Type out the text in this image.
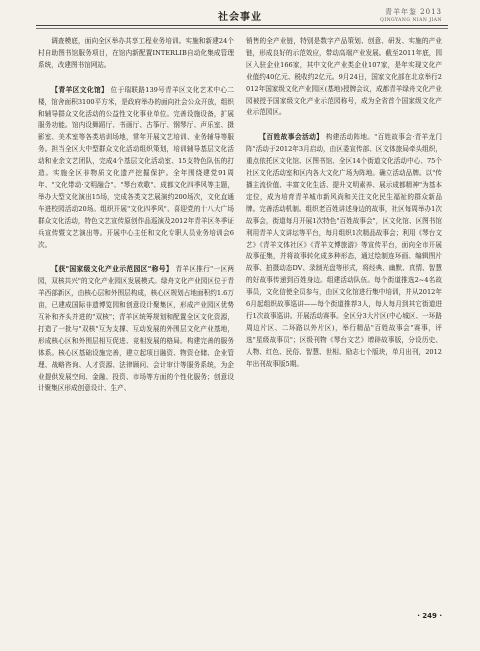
社会事业	青羊年鉴 2013
QINGYANG NIAN JIAN

调查模底，面向全区举办共享工程业务培训。实施和新建24个村自助图书馆服务项目，在馆内新配置INTERLIB自动化集成管理系统，改建图书馆网站。

【青羊区文化馆】 位于瑞联路139号青羊区文化艺术中心二楼，馆舍面积3100平方米，是政府举办的面向社会公众开放，组织和辅导群众文化活动的公益性文化事业单位。完善设施设备，扩展服务功能。馆内设舞蹈厅、书画厅、古筝厅、钢琴厅、声乐室、摄影室、美术室等各类培训场地，常年开展文艺培训、业务辅导等服务。担当全区大中型群众文化活动组织策划，培训辅导基层文化活动和业余文艺团队，完成4个基层文化活动室、15支特色队伍的打造。实施全区非物质文化遗产挖掘保护。全年围绕建党91周年、"文化带动·文明融合"、"琴台欢歌"、成都文化四季风等主题，举办大型文化演出15场，完成各类文艺展演约200场次，文化直通车进校园活动20场。组织开展"文化四季风"、喜迎党的十八大广场群众文化活动，特色文艺宣传原创作品巡演及2012年青羊区冬季证兵宣传暨文艺演出等。开展中心主任和文化专职人员业务培训会6次。

【获"国家级文化产业示范园区"称号】 青羊区推行"一区两园，双核共兴"的文化产业园区发展模式。绿舟文化产业园区位于青羊西部新区，由核心层和外围层构成，核心区规划占地面积约1.6万亩，已建成国际非遗博览园和创意设计聚集区，形成产业园区优势互补和齐头并进的"双核"；青羊区统筹规划和配置全区文化资源，打造了一批与"双核"互为支撑、互动发展的外围层文化产业基地，形成核心区和外围层相互促进、竞相发展的格局。构建完善的服务体系。核心区基础设施完善，建立起项目融资、物资仓储、企业管理、战略咨询、人才资源、法律顾问、会计审计等服务系统，为企业提供发展空间、金融、投资、市场等方面的个性化服务；创意设计聚集区形成创意设计、生产、

销售的全产业链，特别是数字产品策划、创意、研发、实施的产业链，形成良好的示范效应，带动高端产业发展。截至2011年底，园区入驻企业166家，其中文化产业类企业107家，是年实现文化产业值约40亿元、税收约2亿元。9月24日，国家文化部在北京举行2012年国家级文化产业园区(基地)授牌会议，成都青羊绿舟文化产业园被授予国家级文化产业示范园称号，成为全省首个国家级文化产业示范园区。

【百姓故事会活动】 构建活动阵地。"百姓故事会·青羊龙门阵"活动于2012年3月启动，由区委宣传部、区文体旅局牵头组织，重点依托区文化馆、区图书馆、全区14个街道文化活动中心、75个社区文化活动室和区内各大文化广场为阵地。确立活动品牌。以"传播主流价值、丰富文化生活、提升文明素养、展示成都精神"为基本定位，成为培育青羊城市新风尚和关注文化民生福祉的群众新品牌。完善活动机制。组织老百姓讲述身边的故事，社区每周举办1次故事会，街道每月开展1次特色"百姓故事会"，区文化馆、区图书馆利用青羊人文讲坛等平台，每月组织1次精品故事会；利用《琴台文艺》《青羊文体社区》《青羊文博旅游》等宣传平台，面向全市开展故事征集，并将故事转化成多种形态，通过绘制连环画、编辑图片故事、拍摄动态DV、录制光盘等形式，将经典、幽默、真情、智慧的好故事传递到百姓身边。组建活动队伍。每个街道推选2~4名故事员，文化信使全员参与，由区文化馆进行集中培训，并从2012年6月起组织故事巡讲——每个街道推荐3人，每人每月到其它街道进行1次故事巡讲。开展活动赛事。全区分3大片区(中心城区、一环路周边片区、二环路以外片区)，举行精品"百姓故事会"赛事，评选"星级故事员"；区级刊物《琴台文艺》增辟故事版，分设历史、人物、红色、民俗、智慧、世相、励志七个版块，单月出刊，2012年出刊故事版5期。

· 249 ·
